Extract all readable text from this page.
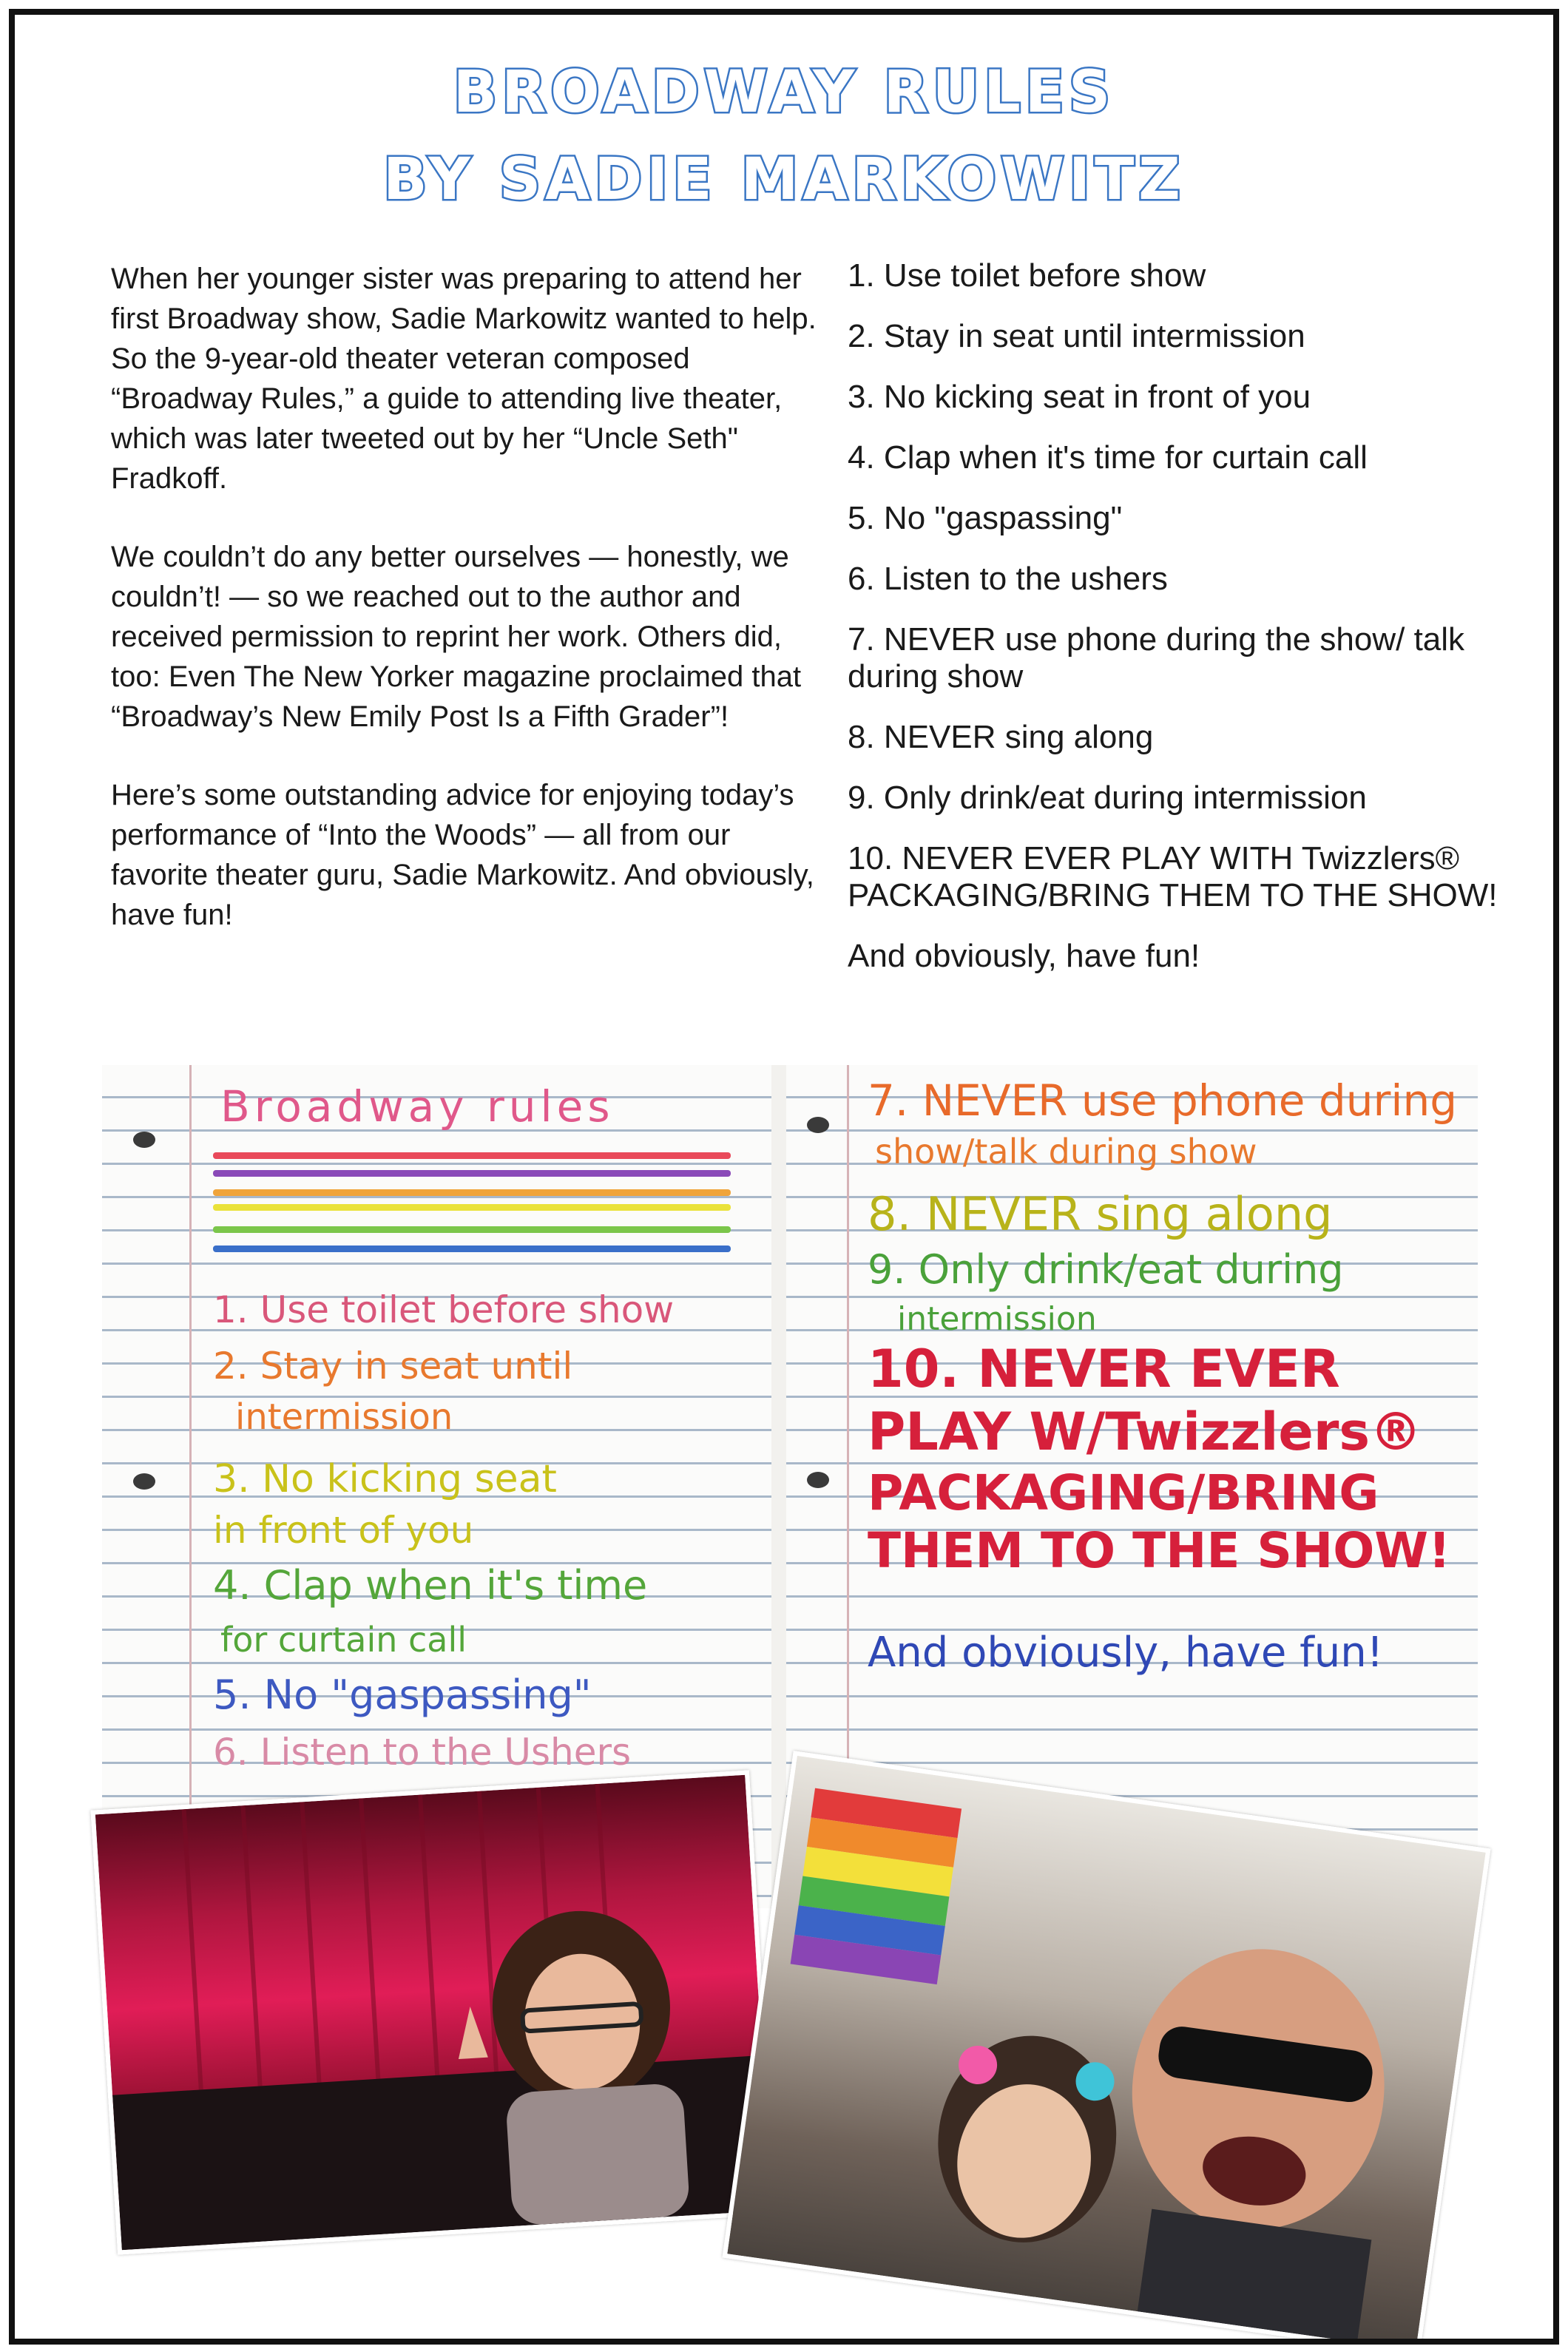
BROADWAY RULES
BY SADIE MARKOWITZ

When her younger sister was preparing to attend her first Broadway show, Sadie Markowitz wanted to help. So the 9-year-old theater veteran composed “Broadway Rules,” a guide to attending live theater, which was later tweeted out by her “Uncle Seth" Fradkoff.

We couldn’t do any better ourselves — honestly, we couldn’t! — so we reached out to the author and received permission to reprint her work. Others did, too: Even The New Yorker magazine proclaimed that “Broadway’s New Emily Post Is a Fifth Grader”!

Here’s some outstanding advice for enjoying today’s performance of “Into the Woods” — all from our favorite theater guru, Sadie Markowitz. And obviously, have fun!

1. Use toilet before show
2. Stay in seat until intermission
3. No kicking seat in front of you
4. Clap when it's time for curtain call
5. No "gaspassing"
6. Listen to the ushers
7. NEVER use phone during the show/ talk during show
8. NEVER sing along
9. Only drink/eat during intermission
10. NEVER EVER PLAY WITH Twizzlers® PACKAGING/BRING THEM TO THE SHOW!
And obviously, have fun!
Broadway rules
1. Use toilet before show
2. Stay in seat until
intermission
3. No kicking seat
in front of you
4. Clap when it's time
for curtain call
5. No "gaspassing"
6. Listen to the Ushers
7. NEVER use phone during
show/talk during show
8. NEVER sing along
9. Only drink/eat during
intermission
10. NEVER EVER
PLAY W/Twizzlers®
PACKAGING/BRING
THEM TO THE SHOW!
And obviously, have fun!
